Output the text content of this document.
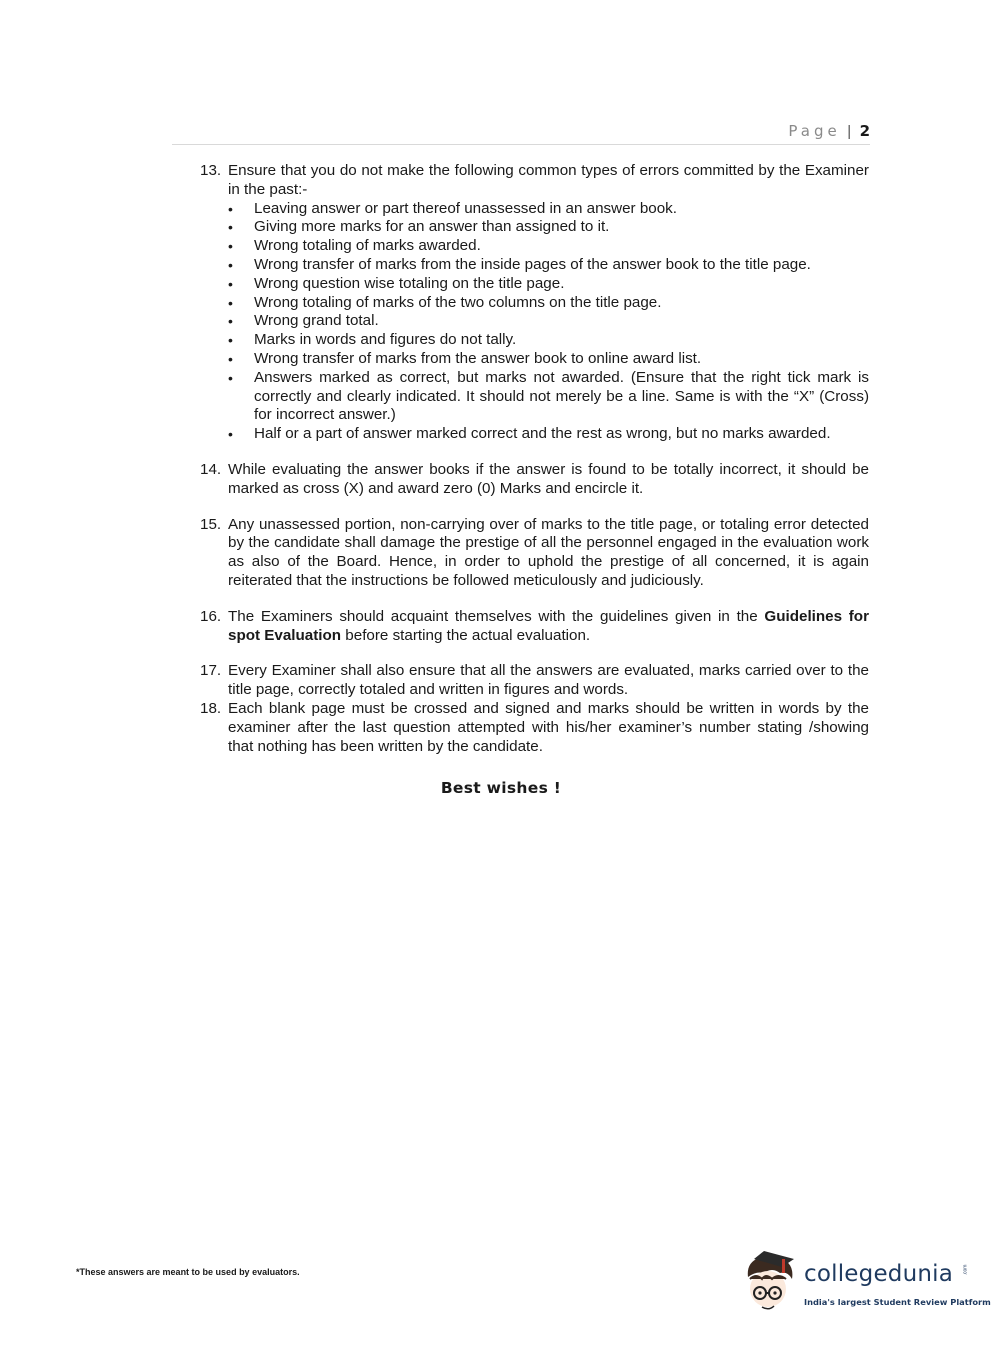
Page | 2
13. Ensure that you do not make the following common types of errors committed by the Examiner in the past:-
• Leaving answer or part thereof unassessed in an answer book.
• Giving more marks for an answer than assigned to it.
• Wrong totaling of marks awarded.
• Wrong transfer of marks from the inside pages of the answer book to the title page.
• Wrong question wise totaling on the title page.
• Wrong totaling of marks of the two columns on the title page.
• Wrong grand total.
• Marks in words and figures do not tally.
• Wrong transfer of marks from the answer book to online award list.
• Answers marked as correct, but marks not awarded. (Ensure that the right tick mark is correctly and clearly indicated. It should not merely be a line. Same is with the “X” (Cross) for incorrect answer.)
• Half or a part of answer marked correct and the rest as wrong, but no marks awarded.
14. While evaluating the answer books if the answer is found to be totally incorrect, it should be marked as cross (X) and award zero (0) Marks and encircle it.
15. Any unassessed portion, non-carrying over of marks to the title page, or totaling error detected by the candidate shall damage the prestige of all the personnel engaged in the evaluation work as also of the Board. Hence, in order to uphold the prestige of all concerned, it is again reiterated that the instructions be followed meticulously and judiciously.
16. The Examiners should acquaint themselves with the guidelines given in the Guidelines for spot Evaluation before starting the actual evaluation.
17. Every Examiner shall also ensure that all the answers are evaluated, marks carried over to the title page, correctly totaled and written in figures and words.
18. Each blank page must be crossed and signed and marks should be written in words by the examiner after the last question attempted with his/her examiner’s number stating /showing that nothing has been written by the candidate.
Best wishes !
*These answers are meant to be used by evaluators.	collegedunia .com
India's largest Student Review Platform
